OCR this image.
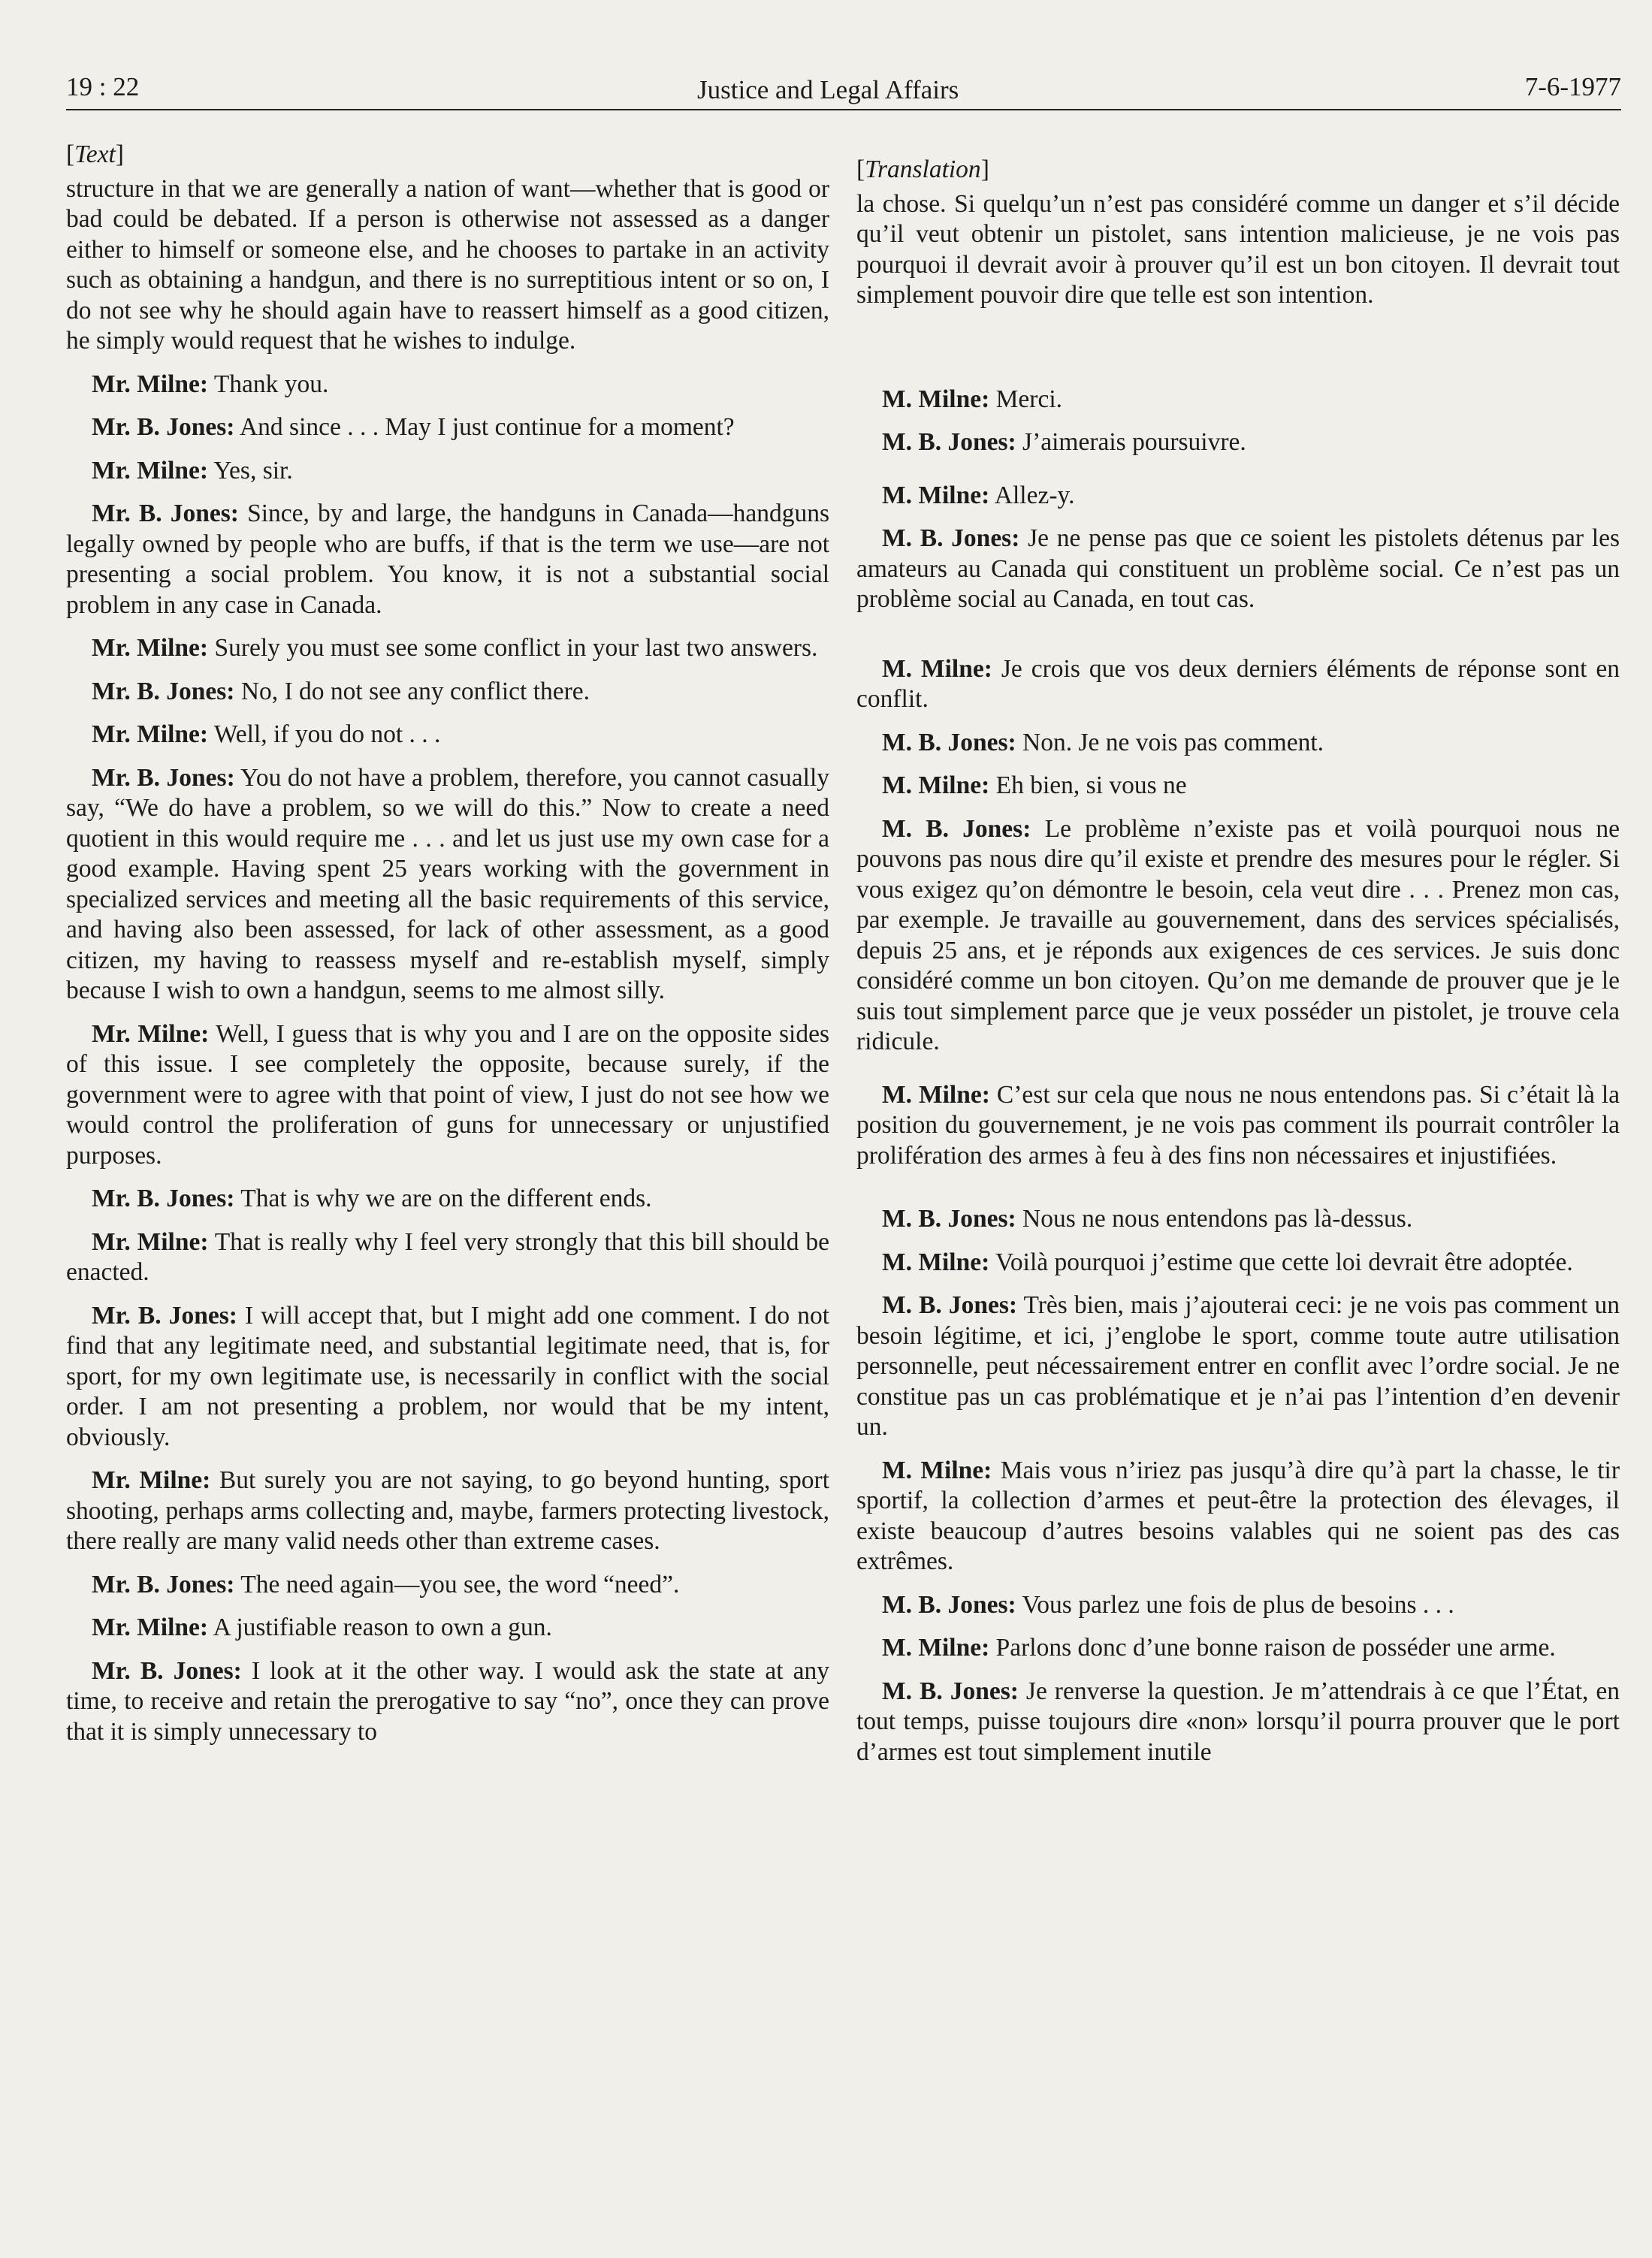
19 : 22	Justice and Legal Affairs	7-6-1977
[Text]

structure in that we are generally a nation of want—whether that is good or bad could be debated. If a person is otherwise not assessed as a danger either to himself or someone else, and he chooses to partake in an activity such as obtaining a handgun, and there is no surreptitious intent or so on, I do not see why he should again have to reassert himself as a good citizen, he simply would request that he wishes to indulge.

Mr. Milne: Thank you.

Mr. B. Jones: And since . . . May I just continue for a moment?

Mr. Milne: Yes, sir.

Mr. B. Jones: Since, by and large, the handguns in Canada—handguns legally owned by people who are buffs, if that is the term we use—are not presenting a social problem. You know, it is not a substantial social problem in any case in Canada.

Mr. Milne: Surely you must see some conflict in your last two answers.

Mr. B. Jones: No, I do not see any conflict there.

Mr. Milne: Well, if you do not . . .

Mr. B. Jones: You do not have a problem, therefore, you cannot casually say, “We do have a problem, so we will do this.” Now to create a need quotient in this would require me . . . and let us just use my own case for a good example. Having spent 25 years working with the government in specialized services and meeting all the basic requirements of this service, and having also been assessed, for lack of other assessment, as a good citizen, my having to reassess myself and re-establish myself, simply because I wish to own a handgun, seems to me almost silly.

Mr. Milne: Well, I guess that is why you and I are on the opposite sides of this issue. I see completely the opposite, because surely, if the government were to agree with that point of view, I just do not see how we would control the proliferation of guns for unnecessary or unjustified purposes.

Mr. B. Jones: That is why we are on the different ends.

Mr. Milne: That is really why I feel very strongly that this bill should be enacted.

Mr. B. Jones: I will accept that, but I might add one comment. I do not find that any legitimate need, and substantial legitimate need, that is, for sport, for my own legitimate use, is necessarily in conflict with the social order. I am not presenting a problem, nor would that be my intent, obviously.

Mr. Milne: But surely you are not saying, to go beyond hunting, sport shooting, perhaps arms collecting and, maybe, farmers protecting livestock, there really are many valid needs other than extreme cases.

Mr. B. Jones: The need again—you see, the word “need”.

Mr. Milne: A justifiable reason to own a gun.

Mr. B. Jones: I look at it the other way. I would ask the state at any time, to receive and retain the prerogative to say “no”, once they can prove that it is simply unnecessary to

[Translation]

la chose. Si quelqu’un n’est pas considéré comme un danger et s’il décide qu’il veut obtenir un pistolet, sans intention malicieuse, je ne vois pas pourquoi il devrait avoir à prouver qu’il est un bon citoyen. Il devrait tout simplement pouvoir dire que telle est son intention.

M. Milne: Merci.

M. B. Jones: J’aimerais poursuivre.

M. Milne: Allez-y.

M. B. Jones: Je ne pense pas que ce soient les pistolets détenus par les amateurs au Canada qui constituent un problème social. Ce n’est pas un problème social au Canada, en tout cas.

M. Milne: Je crois que vos deux derniers éléments de réponse sont en conflit.

M. B. Jones: Non. Je ne vois pas comment.

M. Milne: Eh bien, si vous ne

M. B. Jones: Le problème n’existe pas et voilà pourquoi nous ne pouvons pas nous dire qu’il existe et prendre des mesures pour le régler. Si vous exigez qu’on démontre le besoin, cela veut dire . . . Prenez mon cas, par exemple. Je travaille au gouvernement, dans des services spécialisés, depuis 25 ans, et je réponds aux exigences de ces services. Je suis donc considéré comme un bon citoyen. Qu’on me demande de prouver que je le suis tout simplement parce que je veux posséder un pistolet, je trouve cela ridicule.

M. Milne: C’est sur cela que nous ne nous entendons pas. Si c’était là la position du gouvernement, je ne vois pas comment ils pourrait contrôler la prolifération des armes à feu à des fins non nécessaires et injustifiées.

M. B. Jones: Nous ne nous entendons pas là-dessus.

M. Milne: Voilà pourquoi j’estime que cette loi devrait être adoptée.

M. B. Jones: Très bien, mais j’ajouterai ceci: je ne vois pas comment un besoin légitime, et ici, j’englobe le sport, comme toute autre utilisation personnelle, peut nécessairement entrer en conflit avec l’ordre social. Je ne constitue pas un cas problématique et je n’ai pas l’intention d’en devenir un.

M. Milne: Mais vous n’iriez pas jusqu’à dire qu’à part la chasse, le tir sportif, la collection d’armes et peut-être la protection des élevages, il existe beaucoup d’autres besoins valables qui ne soient pas des cas extrêmes.

M. B. Jones: Vous parlez une fois de plus de besoins . . .

M. Milne: Parlons donc d’une bonne raison de posséder une arme.

M. B. Jones: Je renverse la question. Je m’attendrais à ce que l’État, en tout temps, puisse toujours dire «non» lorsqu’il pourra prouver que le port d’armes est tout simplement inutile
